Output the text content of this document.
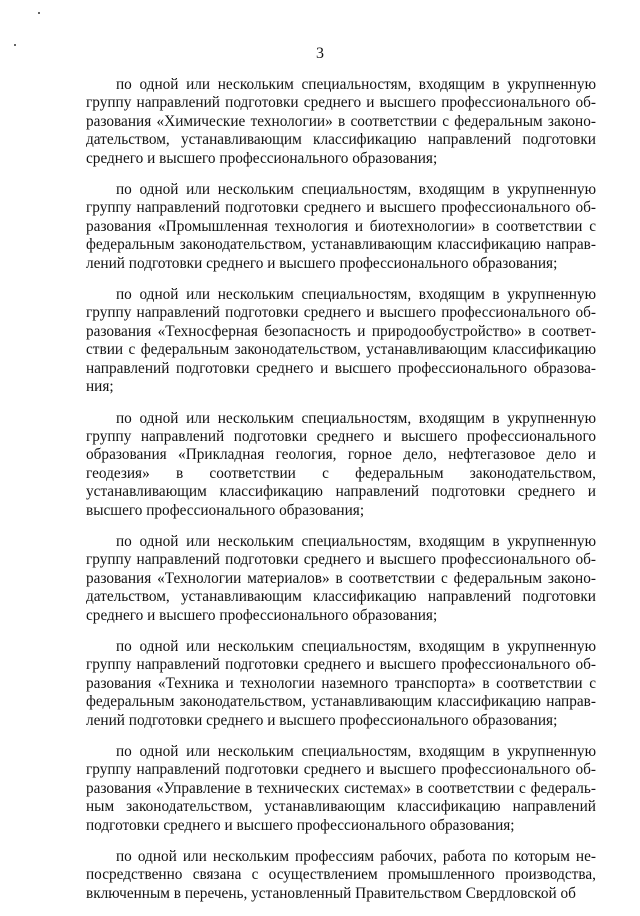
3

по одной или нескольким специальностям, входящим в укрупненную группу направлений подготовки среднего и высшего профессионального образования «Химические технологии» в соответствии с федеральным законодательством, устанавливающим классификацию направлений подготовки среднего и высшего профессионального образования;

по одной или нескольким специальностям, входящим в укрупненную группу направлений подготовки среднего и высшего профессионального образования «Промышленная технология и биотехнологии» в соответствии с федеральным законодательством, устанавливающим классификацию направлений подготовки среднего и высшего профессионального образования;

по одной или нескольким специальностям, входящим в укрупненную группу направлений подготовки среднего и высшего профессионального образования «Техносферная безопасность и природообустройство» в соответствии с федеральным законодательством, устанавливающим классификацию направлений подготовки среднего и высшего профессионального образования;

по одной или нескольким специальностям, входящим в укрупненную группу направлений подготовки среднего и высшего профессионального образования «Прикладная геология, горное дело, нефтегазовое дело и геодезия» в соответствии с федеральным законодательством, устанавливающим классификацию направлений подготовки среднего и высшего профессионального образования;

по одной или нескольким специальностям, входящим в укрупненную группу направлений подготовки среднего и высшего профессионального образования «Технологии материалов» в соответствии с федеральным законодательством, устанавливающим классификацию направлений подготовки среднего и высшего профессионального образования;

по одной или нескольким специальностям, входящим в укрупненную группу направлений подготовки среднего и высшего профессионального образования «Техника и технологии наземного транспорта» в соответствии с федеральным законодательством, устанавливающим классификацию направлений подготовки среднего и высшего профессионального образования;

по одной или нескольким специальностям, входящим в укрупненную группу направлений подготовки среднего и высшего профессионального образования «Управление в технических системах» в соответствии с федеральным законодательством, устанавливающим классификацию направлений подготовки среднего и высшего профессионального образования;

по одной или нескольким профессиям рабочих, работа по которым непосредственно связана с осуществлением промышленного производства, включенным в перечень, установленный Правительством Свердловской об
